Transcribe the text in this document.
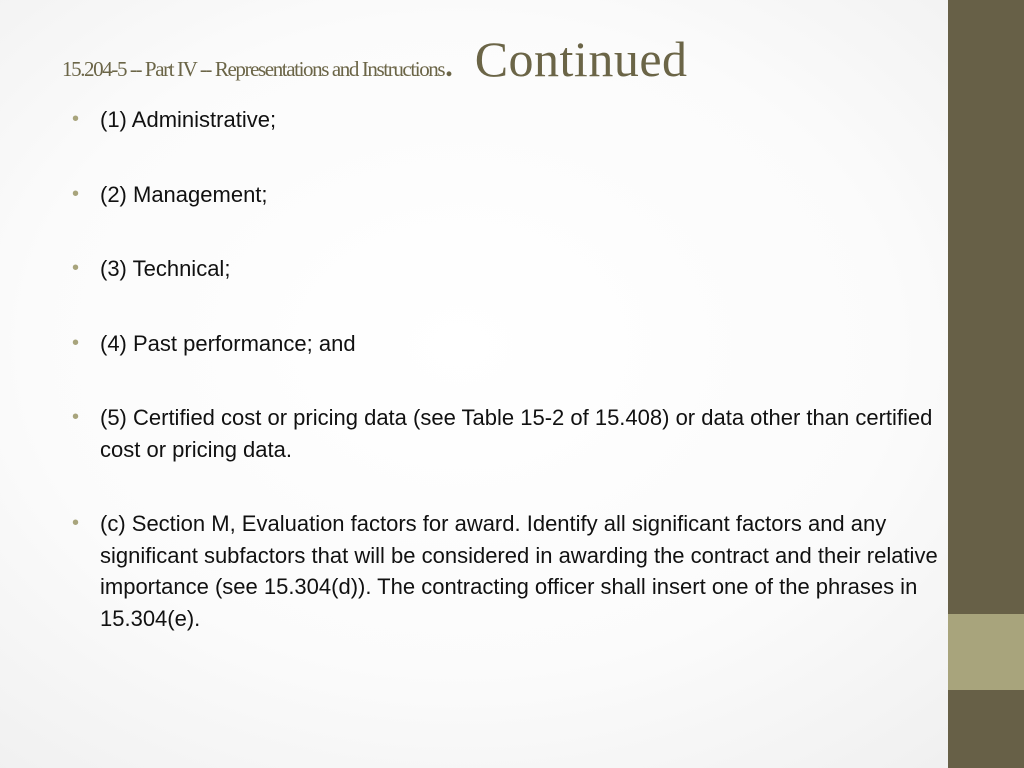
15.204-5 -- Part IV -- Representations and Instructions. Continued
• (1) Administrative;
• (2) Management;
• (3) Technical;
• (4) Past performance; and
• (5) Certified cost or pricing data (see Table 15-2 of 15.408) or data other than certified cost or pricing data.
• (c) Section M, Evaluation factors for award. Identify all significant factors and any significant subfactors that will be considered in awarding the contract and their relative importance (see 15.304(d)). The contracting officer shall insert one of the phrases in 15.304(e).
